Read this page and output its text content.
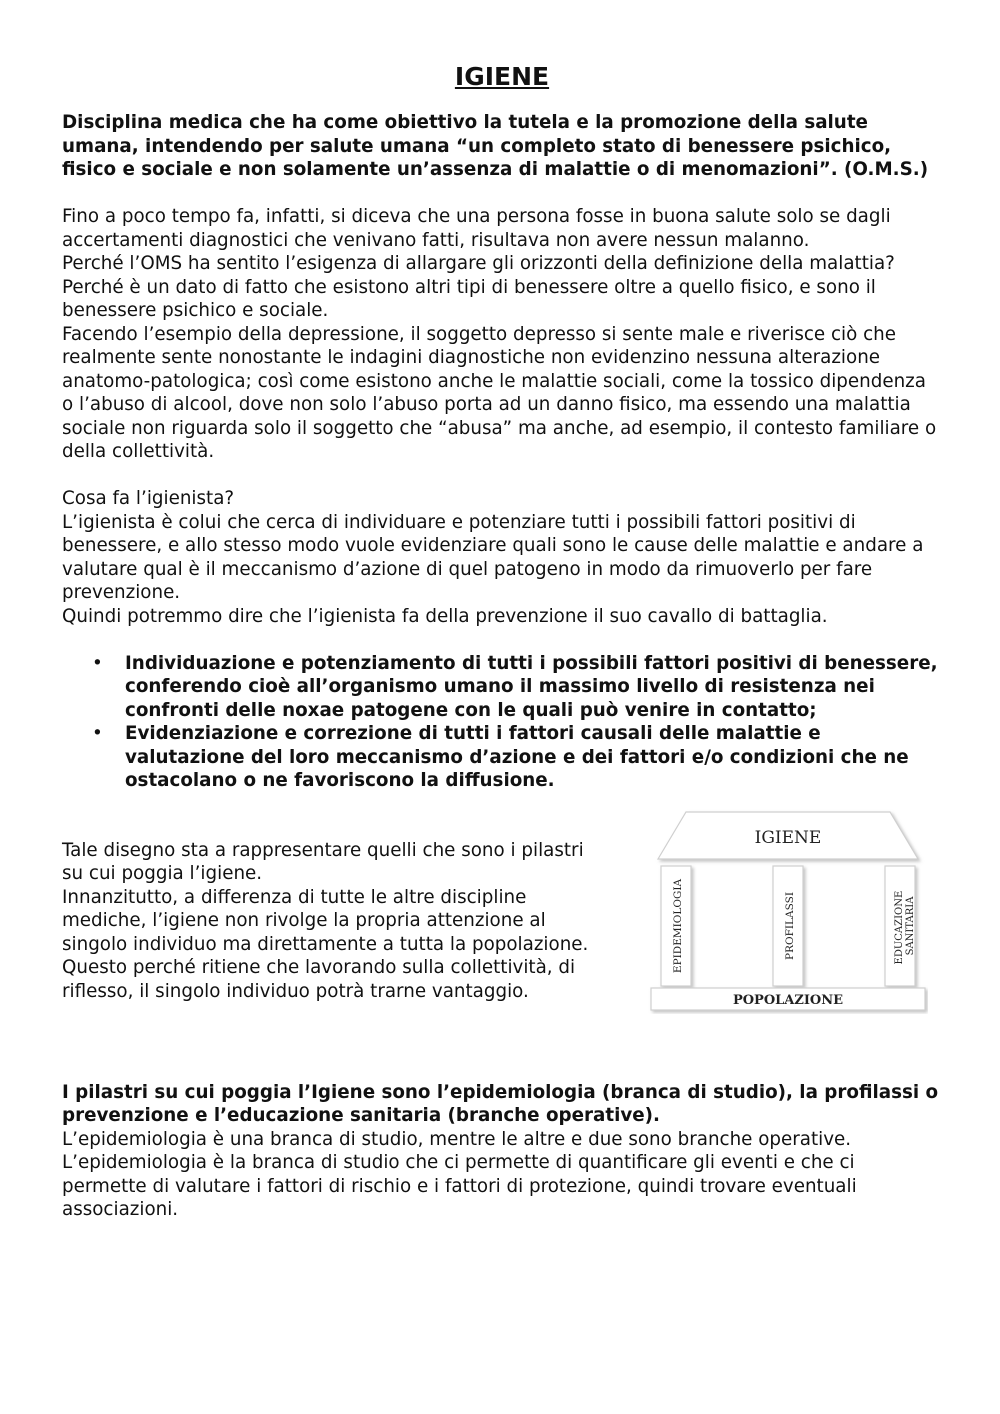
IGIENE

Disciplina medica che ha come obiettivo la tutela e la promozione della salute umana, intendendo per salute umana “un completo stato di benessere psichico, fisico e sociale e non solamente un’assenza di malattie o di menomazioni”. (O.M.S.)

Fino a poco tempo fa, infatti, si diceva che una persona fosse in buona salute solo se dagli accertamenti diagnostici che venivano fatti, risultava non avere nessun malanno.

Perché l’OMS ha sentito l’esigenza di allargare gli orizzonti della definizione della malattia?

Perché è un dato di fatto che esistono altri tipi di benessere oltre a quello fisico, e sono il benessere psichico e sociale.

Facendo l’esempio della depressione, il soggetto depresso si sente male e riverisce ciò che realmente sente nonostante le indagini diagnostiche non evidenzino nessuna alterazione anatomo-patologica; così come esistono anche le malattie sociali, come la tossico dipendenza o l’abuso di alcool, dove non solo l’abuso porta ad un danno fisico, ma essendo una malattia sociale non riguarda solo il soggetto che “abusa” ma anche, ad esempio, il contesto familiare o della collettività.

Cosa fa l’igienista?

L’igienista è colui che cerca di individuare e potenziare tutti i possibili fattori positivi di benessere, e allo stesso modo vuole evidenziare quali sono le cause delle malattie e andare a valutare qual è il meccanismo d’azione di quel patogeno in modo da rimuoverlo per fare prevenzione.

Quindi potremmo dire che l’igienista fa della prevenzione il suo cavallo di battaglia.

• Individuazione e potenziamento di tutti i possibili fattori positivi di benessere, conferendo cioè all’organismo umano il massimo livello di resistenza nei confronti delle noxae patogene con le quali può venire in contatto;
• Evidenziazione e correzione di tutti i fattori causali delle malattie e valutazione del loro meccanismo d’azione e dei fattori e/o condizioni che ne ostacolano o ne favoriscono la diffusione.

Tale disegno sta a rappresentare quelli che sono i pilastri su cui poggia l’igiene.

Innanzitutto, a differenza di tutte le altre discipline mediche, l’igiene non rivolge la propria attenzione al singolo individuo ma direttamente a tutta la popolazione. Questo perché ritiene che lavorando sulla collettività, di riflesso, il singolo individuo potrà trarne vantaggio.

IGIENE
EPIDEMIOLOGIA	PROFILASSI	EDUCAZIONE SANITARIA
POPOLAZIONE

I pilastri su cui poggia l’Igiene sono l’epidemiologia (branca di studio), la profilassi o prevenzione e l’educazione sanitaria (branche operative).

L’epidemiologia è una branca di studio, mentre le altre e due sono branche operative.

L’epidemiologia è la branca di studio che ci permette di quantificare gli eventi e che ci permette di valutare i fattori di rischio e i fattori di protezione, quindi trovare eventuali associazioni.
